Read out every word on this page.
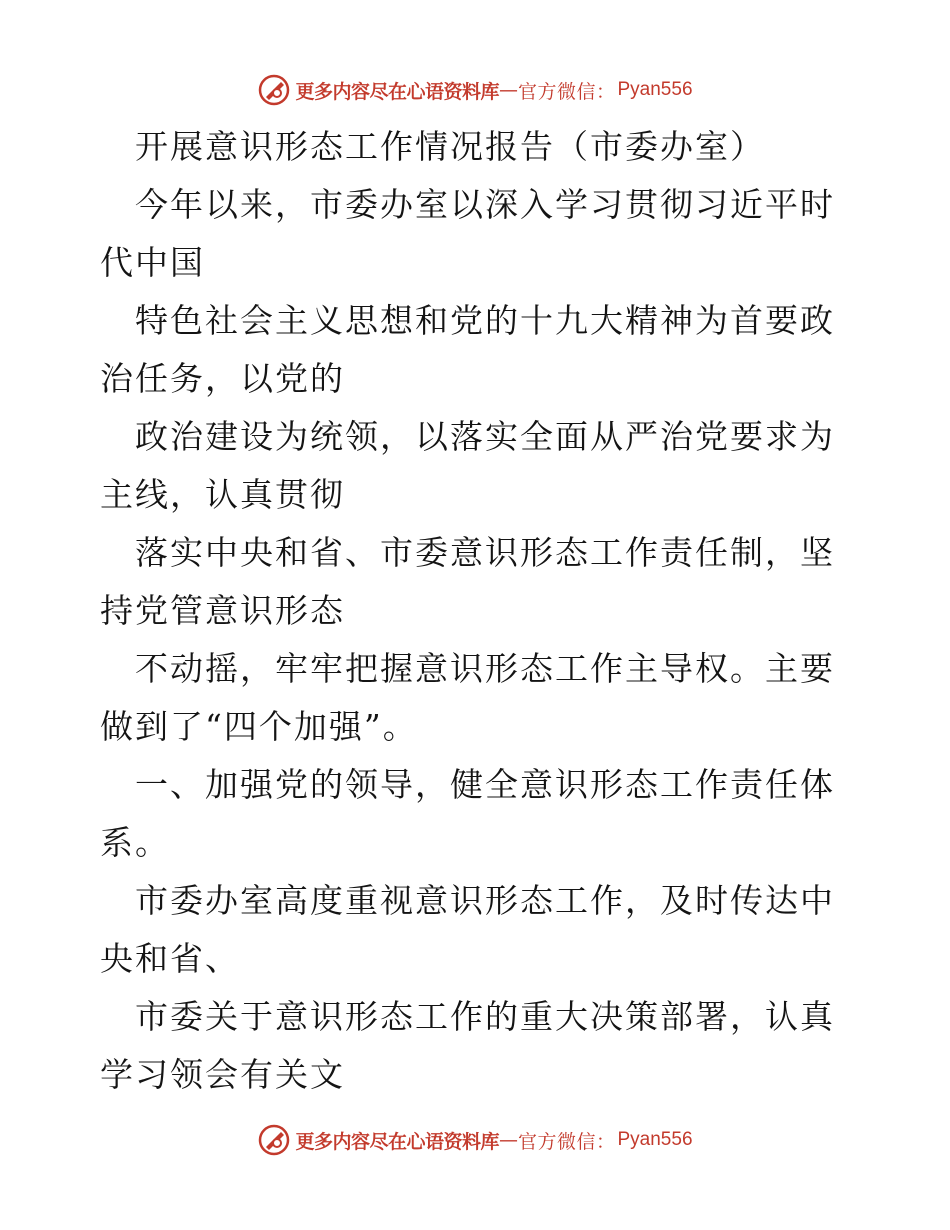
更多内容尽在心语资料库 — 官方微信： Pyan556

开展意识形态工作情况报告（市委办室）

今年以来，市委办室以深入学习贯彻习近平时代中国

特色社会主义思想和党的十九大精神为首要政治任务，以党的

政治建设为统领，以落实全面从严治党要求为主线，认真贯彻

落实中央和省、市委意识形态工作责任制，坚持党管意识形态

不动摇，牢牢把握意识形态工作主导权。主要做到了“四个加强”。

一、加强党的领导，健全意识形态工作责任体系。

市委办室高度重视意识形态工作，及时传达中央和省、

市委关于意识形态工作的重大决策部署，认真学习领会有关文

更多内容尽在心语资料库 — 官方微信： Pyan556
